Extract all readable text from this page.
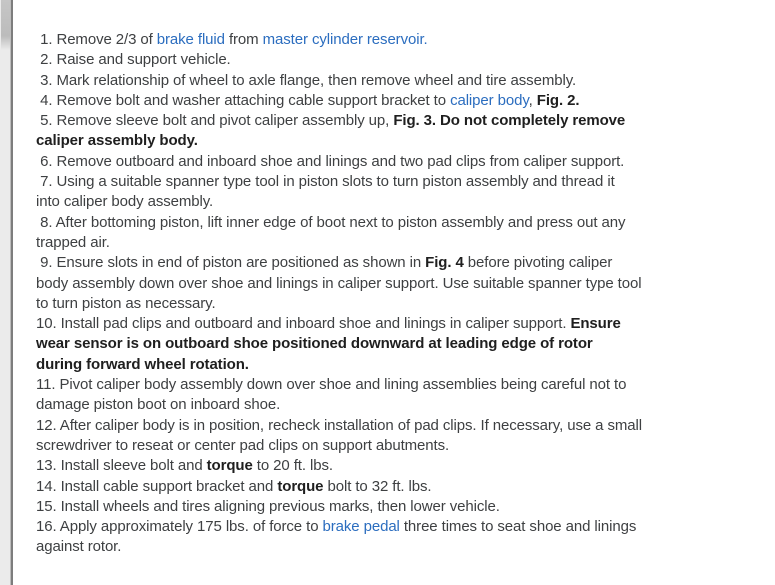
1. Remove 2/3 of brake fluid from master cylinder reservoir.

2. Raise and support vehicle.

3. Mark relationship of wheel to axle flange, then remove wheel and tire assembly.

4. Remove bolt and washer attaching cable support bracket to caliper body, Fig. 2.

5. Remove sleeve bolt and pivot caliper assembly up, Fig. 3. Do not completely remove caliper assembly body.

6. Remove outboard and inboard shoe and linings and two pad clips from caliper support.

7. Using a suitable spanner type tool in piston slots to turn piston assembly and thread it into caliper body assembly.

8. After bottoming piston, lift inner edge of boot next to piston assembly and press out any trapped air.

9. Ensure slots in end of piston are positioned as shown in Fig. 4 before pivoting caliper body assembly down over shoe and linings in caliper support. Use suitable spanner type tool to turn piston as necessary.

10. Install pad clips and outboard and inboard shoe and linings in caliper support. Ensure wear sensor is on outboard shoe positioned downward at leading edge of rotor during forward wheel rotation.

11. Pivot caliper body assembly down over shoe and lining assemblies being careful not to damage piston boot on inboard shoe.

12. After caliper body is in position, recheck installation of pad clips. If necessary, use a small screwdriver to reseat or center pad clips on support abutments.

13. Install sleeve bolt and torque to 20 ft. lbs.

14. Install cable support bracket and torque bolt to 32 ft. lbs.

15. Install wheels and tires aligning previous marks, then lower vehicle.

16. Apply approximately 175 lbs. of force to brake pedal three times to seat shoe and linings against rotor.
